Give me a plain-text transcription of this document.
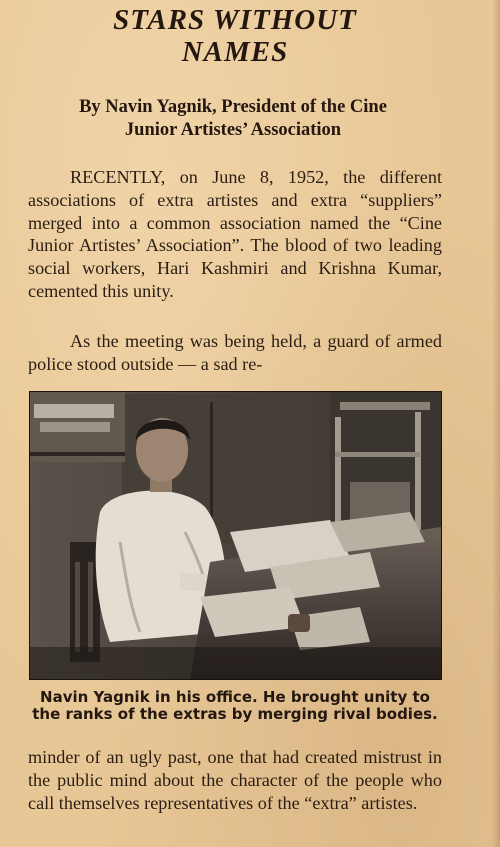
STARS WITHOUT
NAMES
By Navin Yagnik, President of the Cine
Junior Artistes’ Association

RECENTLY, on June 8, 1952, the different associations of extra artistes and extra “suppliers” merged into a common association named the “Cine Junior Artistes’ Association”. The blood of two leading social workers, Hari Kashmiri and Krishna Kumar, cemented this unity.

As the meeting was being held, a guard of armed police stood outside — a sad re-

Navin Yagnik in his office. He brought unity to the ranks of the extras by merging rival bodies.

minder of an ugly past, one that had created mistrust in the public mind about the character of the people who call themselves representatives of the “extra” artistes.
